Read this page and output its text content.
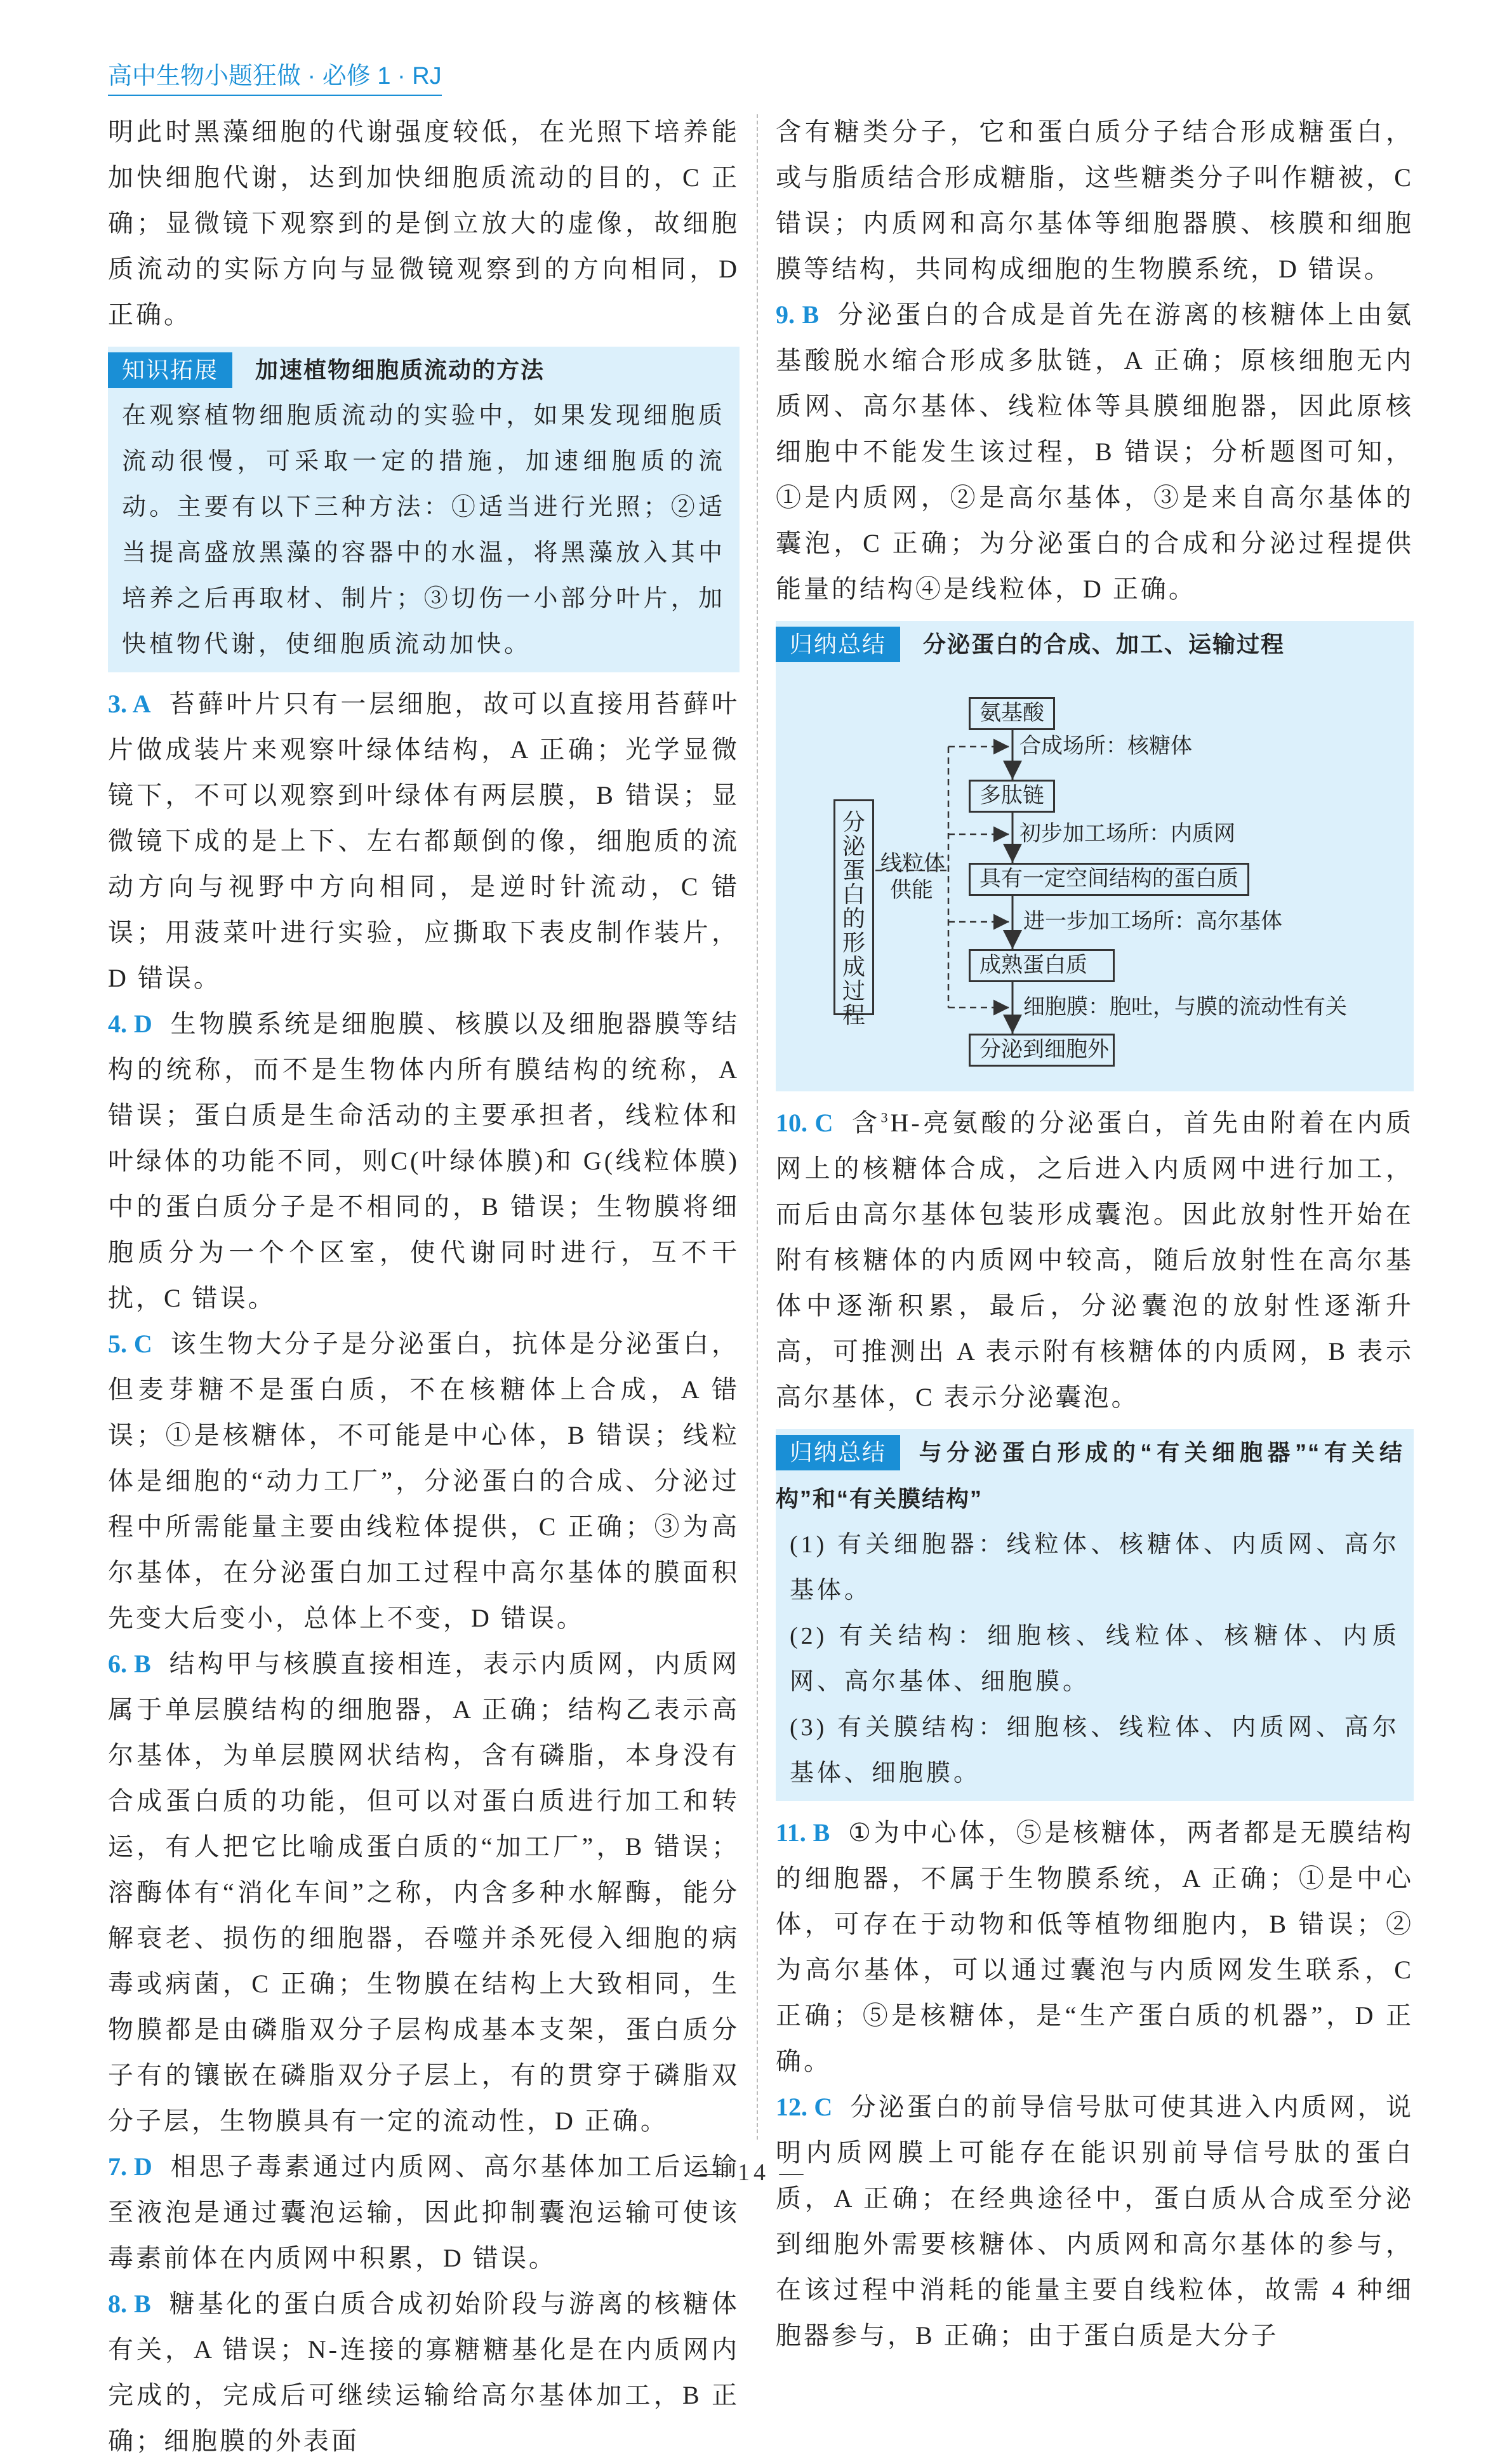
高中生物小题狂做 · 必修 1 · RJ

明此时黑藻细胞的代谢强度较低，在光照下培养能加快细胞代谢，达到加快细胞质流动的目的，C 正确；显微镜下观察到的是倒立放大的虚像，故细胞质流动的实际方向与显微镜观察到的方向相同，D 正确。

知识拓展 加速植物细胞质流动的方法
在观察植物细胞质流动的实验中，如果发现细胞质流动很慢，可采取一定的措施，加速细胞质的流动。主要有以下三种方法：①适当进行光照；②适当提高盛放黑藻的容器中的水温，将黑藻放入其中培养之后再取材、制片；③切伤一小部分叶片，加快植物代谢，使细胞质流动加快。

3. A 苔藓叶片只有一层细胞，故可以直接用苔藓叶片做成装片来观察叶绿体结构，A 正确；光学显微镜下，不可以观察到叶绿体有两层膜，B 错误；显微镜下成的是上下、左右都颠倒的像，细胞质的流动方向与视野中方向相同，是逆时针流动，C 错误；用菠菜叶进行实验，应撕取下表皮制作装片，D 错误。

4. D 生物膜系统是细胞膜、核膜以及细胞器膜等结构的统称，而不是生物体内所有膜结构的统称，A 错误；蛋白质是生命活动的主要承担者，线粒体和叶绿体的功能不同，则C(叶绿体膜)和 G(线粒体膜)中的蛋白质分子是不相同的，B 错误；生物膜将细胞质分为一个个区室，使代谢同时进行，互不干扰，C 错误。

5. C 该生物大分子是分泌蛋白，抗体是分泌蛋白，但麦芽糖不是蛋白质，不在核糖体上合成，A 错误；①是核糖体，不可能是中心体，B 错误；线粒体是细胞的“动力工厂”，分泌蛋白的合成、分泌过程中所需能量主要由线粒体提供，C 正确；③为高尔基体，在分泌蛋白加工过程中高尔基体的膜面积先变大后变小，总体上不变，D 错误。

6. B 结构甲与核膜直接相连，表示内质网，内质网属于单层膜结构的细胞器，A 正确；结构乙表示高尔基体，为单层膜网状结构，含有磷脂，本身没有合成蛋白质的功能，但可以对蛋白质进行加工和转运，有人把它比喻成蛋白质的“加工厂”，B 错误；溶酶体有“消化车间”之称，内含多种水解酶，能分解衰老、损伤的细胞器，吞噬并杀死侵入细胞的病毒或病菌，C 正确；生物膜在结构上大致相同，生物膜都是由磷脂双分子层构成基本支架，蛋白质分子有的镶嵌在磷脂双分子层上，有的贯穿于磷脂双分子层，生物膜具有一定的流动性，D 正确。

7. D 相思子毒素通过内质网、高尔基体加工后运输至液泡是通过囊泡运输，因此抑制囊泡运输可使该毒素前体在内质网中积累，D 错误。

8. B 糖基化的蛋白质合成初始阶段与游离的核糖体有关，A 错误；N-连接的寡糖糖基化是在内质网内完成的，完成后可继续运输给高尔基体加工，B 正确；细胞膜的外表面

含有糖类分子，它和蛋白质分子结合形成糖蛋白，或与脂质结合形成糖脂，这些糖类分子叫作糖被，C 错误；内质网和高尔基体等细胞器膜、核膜和细胞膜等结构，共同构成细胞的生物膜系统，D 错误。

9. B 分泌蛋白的合成是首先在游离的核糖体上由氨基酸脱水缩合形成多肽链，A 正确；原核细胞无内质网、高尔基体、线粒体等具膜细胞器，因此原核细胞中不能发生该过程，B 错误；分析题图可知，①是内质网，②是高尔基体，③是来自高尔基体的囊泡，C 正确；为分泌蛋白的合成和分泌过程提供能量的结构④是线粒体，D 正确。

归纳总结 分泌蛋白的合成、加工、运输过程
分泌蛋白的形成过程
线粒体
供能
氨基酸
多肽链
具有一定空间结构的蛋白质
成熟蛋白质
分泌到细胞外
合成场所：核糖体
初步加工场所：内质网
进一步加工场所：高尔基体
细胞膜：胞吐，与膜的流动性有关

10. C 含$^3$H-亮氨酸的分泌蛋白，首先由附着在内质网上的核糖体合成，之后进入内质网中进行加工，而后由高尔基体包装形成囊泡。因此放射性开始在附有核糖体的内质网中较高，随后放射性在高尔基体中逐渐积累，最后，分泌囊泡的放射性逐渐升高，可推测出 A 表示附有核糖体的内质网，B 表示高尔基体，C 表示分泌囊泡。

归纳总结 与分泌蛋白形成的“有关细胞器”“有关结构”和“有关膜结构”
(1) 有关细胞器：线粒体、核糖体、内质网、高尔基体。
(2) 有关结构：细胞核、线粒体、核糖体、内质网、高尔基体、细胞膜。
(3) 有关膜结构：细胞核、线粒体、内质网、高尔基体、细胞膜。

11. B ①为中心体，⑤是核糖体，两者都是无膜结构的细胞器，不属于生物膜系统，A 正确；①是中心体，可存在于动物和低等植物细胞内，B 错误；②为高尔基体，可以通过囊泡与内质网发生联系，C 正确；⑤是核糖体，是“生产蛋白质的机器”，D 正确。

12. C 分泌蛋白的前导信号肽可使其进入内质网，说明内质网膜上可能存在能识别前导信号肽的蛋白质，A 正确；在经典途径中，蛋白质从合成至分泌到细胞外需要核糖体、内质网和高尔基体的参与，在该过程中消耗的能量主要自线粒体，故需 4 种细胞器参与，B 正确；由于蛋白质是大分子

— 14 —
